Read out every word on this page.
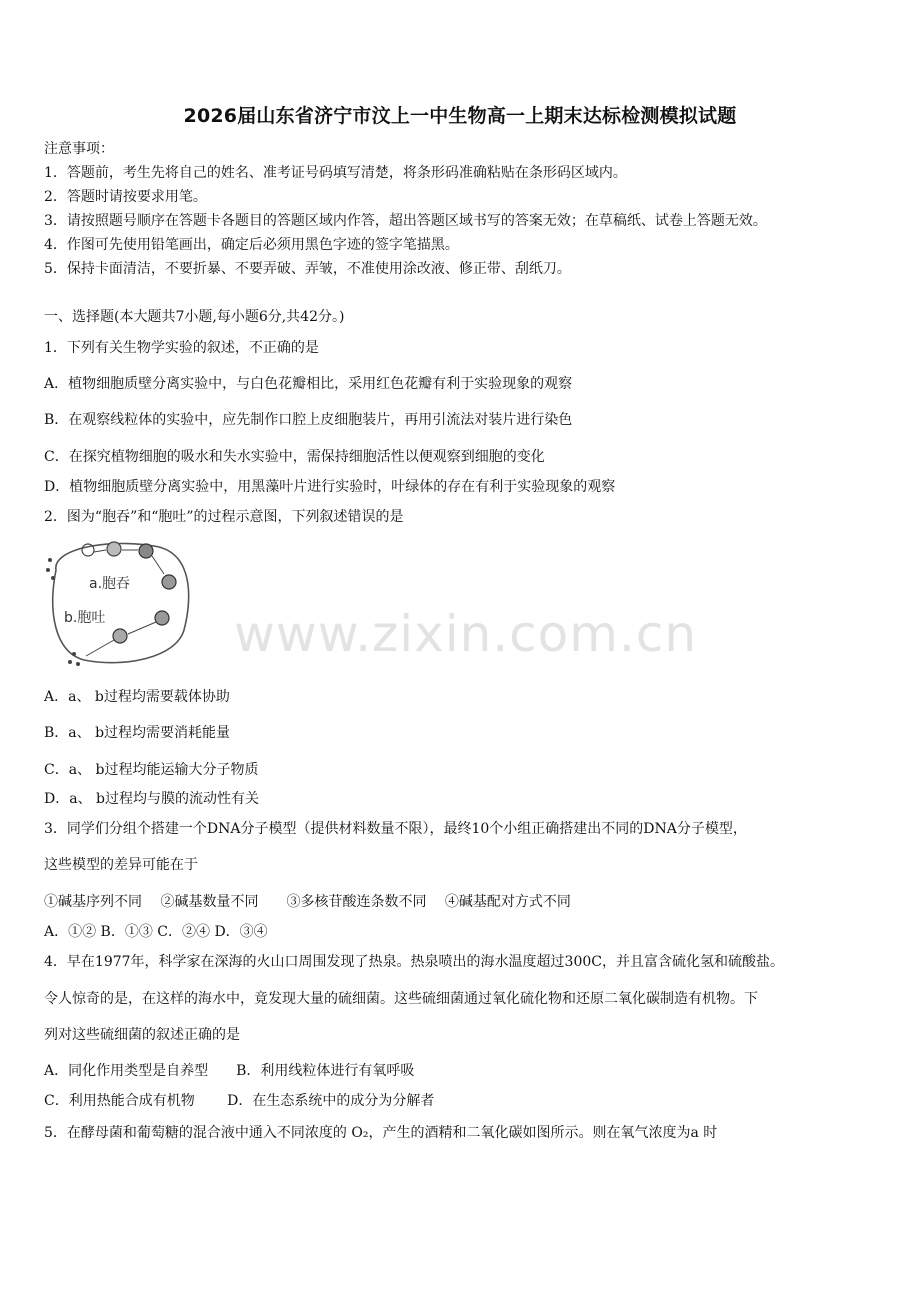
2026届山东省济宁市汶上一中生物高一上期末达标检测模拟试题
注意事项：
1．答题前，考生先将自己的姓名、准考证号码填写清楚，将条形码准确粘贴在条形码区域内。
2．答题时请按要求用笔。
3．请按照题号顺序在答题卡各题目的答题区域内作答，超出答题区域书写的答案无效；在草稿纸、试卷上答题无效。
4．作图可先使用铅笔画出，确定后必须用黑色字迹的签字笔描黑。
5．保持卡面清洁，不要折暴、不要弄破、弄皱，不准使用涂改液、修正带、刮纸刀。
一、选择题(本大题共7小题,每小题6分,共42分。)
1．下列有关生物学实验的叙述，不正确的是
A．植物细胞质壁分离实验中，与白色花瓣相比，采用红色花瓣有利于实验现象的观察
B．在观察线粒体的实验中，应先制作口腔上皮细胞装片，再用引流法对装片进行染色
C．在探究植物细胞的吸水和失水实验中，需保持细胞活性以便观察到细胞的变化
D．植物细胞质壁分离实验中，用黑藻叶片进行实验时，叶绿体的存在有利于实验现象的观察
2．图为“胞吞”和“胞吐”的过程示意图，下列叙述错误的是
a.胞吞
b.胞吐
A．a、 b过程均需要载体协助
B．a、 b过程均需要消耗能量
C．a、 b过程均能运输大分子物质
D．a、 b过程均与膜的流动性有关
3．同学们分组个搭建一个DNA分子模型（提供材料数量不限），最终10个小组正确搭建出不同的DNA分子模型，
这些模型的差异可能在于
①碱基序列不同　 ②碱基数量不同　　③多核苷酸连条数不同　 ④碱基配对方式不同
A．①② B．①③ C．②④ D．③④
4．早在1977年，科学家在深海的火山口周围发现了热泉。热泉喷出的海水温度超过300C，并且富含硫化氢和硫酸盐。
令人惊奇的是，在这样的海水中，竟发现大量的硫细菌。这些硫细菌通过氧化硫化物和还原二氧化碳制造有机物。下
列对这些硫细菌的叙述正确的是
A．同化作用类型是自养型　　B．利用线粒体进行有氧呼吸
C．利用热能合成有机物　　 D．在生态系统中的成分为分解者
5．在酵母菌和葡萄糖的混合液中通入不同浓度的 O₂，产生的酒精和二氧化碳如图所示。则在氧气浓度为a 时
www.zixin.com.cn
